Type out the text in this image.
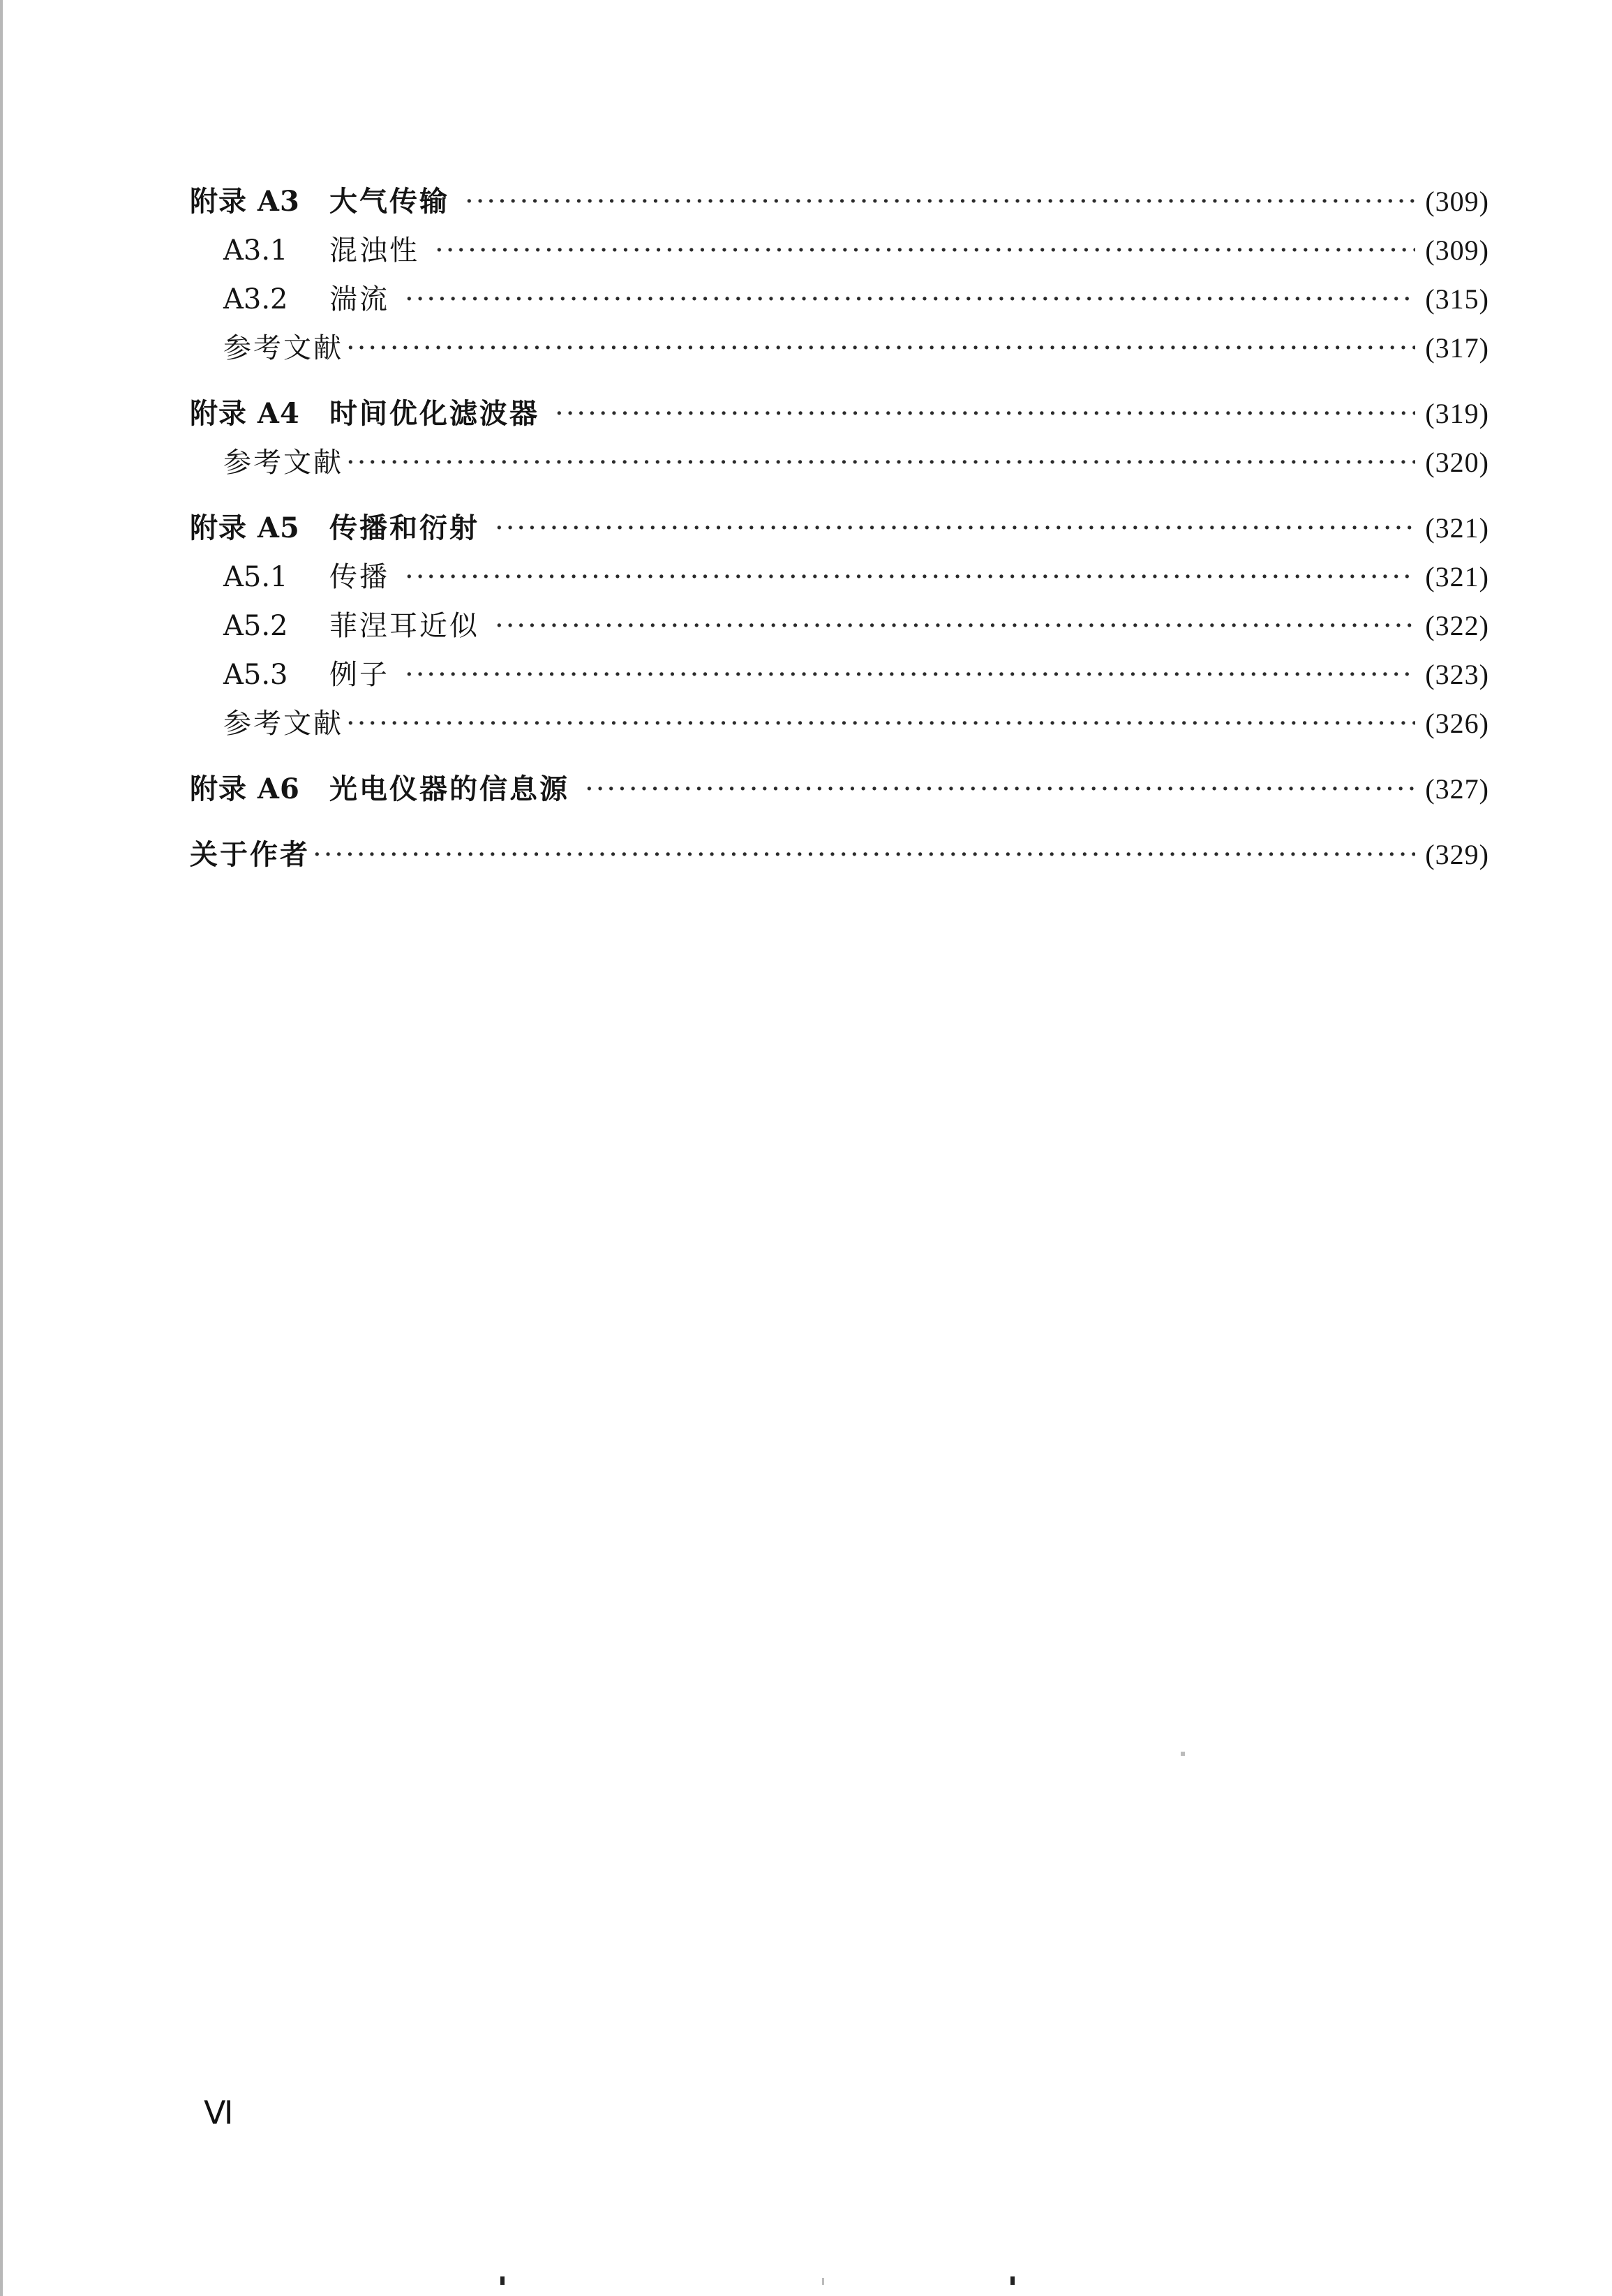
附录 A3	大气传输 ·····	(309)
A3.1	混浊性 ·····	(309)
A3.2	湍流 ·····	(315)
参考文献 ·····	(317)
附录 A4	时间优化滤波器 ·····	(319)
参考文献 ·····	(320)
附录 A5	传播和衍射 ·····	(321)
A5.1	传播 ·····	(321)
A5.2	菲涅耳近似 ·····	(322)
A5.3	例子 ·····	(323)
参考文献 ·····	(326)
附录 A6	光电仪器的信息源 ·····	(327)
关于作者 ·····	(329)
Ⅵ
